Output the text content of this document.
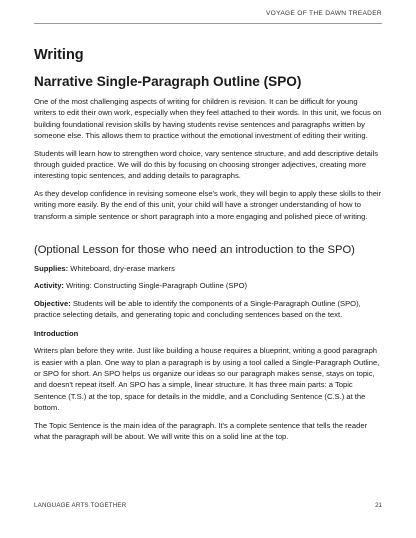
VOYAGE OF THE DAWN TREADER
Writing
Narrative Single-Paragraph Outline (SPO)

One of the most challenging aspects of writing for children is revision. It can be difficult for young writers to edit their own work, especially when they feel attached to their words. In this unit, we focus on building foundational revision skills by having students revise sentences and paragraphs written by someone else. This allows them to practice without the emotional investment of editing their writing.

Students will learn how to strengthen word choice, vary sentence structure, and add descriptive details through guided practice. We will do this by focusing on choosing stronger adjectives, creating more interesting topic sentences, and adding details to paragraphs.

As they develop confidence in revising someone else's work, they will begin to apply these skills to their writing more easily. By the end of this unit, your child will have a stronger understanding of how to transform a simple sentence or short paragraph into a more engaging and polished piece of writing.

(Optional Lesson for those who need an introduction to the SPO)

Supplies: Whiteboard, dry-erase markers

Activity: Writing: Constructing Single-Paragraph Outline (SPO)

Objective: Students will be able to identify the components of a Single-Paragraph Outline (SPO), practice selecting details, and generating topic and concluding sentences based on the text.

Introduction

Writers plan before they write. Just like building a house requires a blueprint, writing a good paragraph is easier with a plan. One way to plan a paragraph is by using a tool called a Single-Paragraph Outline, or SPO for short. An SPO helps us organize our ideas so our paragraph makes sense, stays on topic, and doesn't repeat itself. An SPO has a simple, linear structure. It has three main parts: a Topic Sentence (T.S.) at the top, space for details in the middle, and a Concluding Sentence (C.S.) at the bottom.

The Topic Sentence is the main idea of the paragraph. It's a complete sentence that tells the reader what the paragraph will be about. We will write this on a solid line at the top.

LANGUAGE ARTS TOGETHER	21
